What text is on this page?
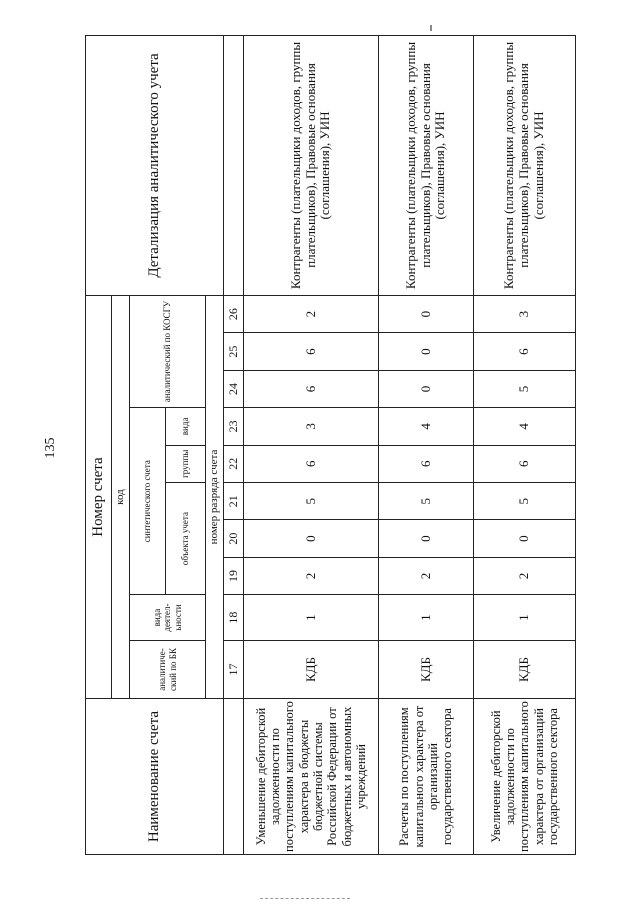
135
Наименование счета	Номер счета										Детализация аналитического учета
	код										
	аналитический по БК	вида деятельности	синтетического счета					аналитический по КОСГУ			
			объекта учета			группы	вида				
	номер разряда счета										
	17	18	19	20	21	22	23	24	25	26	
Уменьшение дебиторской задолженности по поступлениям капитального характера в бюджеты бюджетной системы Российской Федерации от бюджетных и автономных учреждений	КДБ	1	2	0	5	6	3	6	6	2	Контрагенты (плательщики доходов, группы плательщиков), Правовые основания (соглашения), УИН
Расчеты по поступлениям капитального характера от организаций государственного сектора	КДБ	1	2	0	5	6	4	0	0	0	Контрагенты (плательщики доходов, группы плательщиков), Правовые основания (соглашения), УИН
Увеличение дебиторской задолженности по поступлениям капитального характера от организаций государственного сектора	КДБ	1	2	0	5	6	4	5	6	3	Контрагенты (плательщики доходов, группы плательщиков), Правовые основания (соглашения), УИН
